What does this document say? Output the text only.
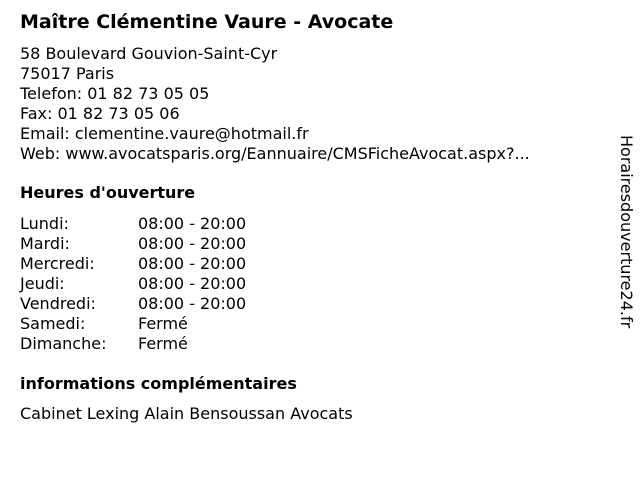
Maître Clémentine Vaure - Avocate
58 Boulevard Gouvion-Saint-Cyr
75017 Paris
Telefon: 01 82 73 05 05
Fax: 01 82 73 05 06
Email: clementine.vaure@hotmail.fr
Web: www.avocatsparis.org/Eannuaire/CMSFicheAvocat.aspx?...
Heures d'ouverture
Lundi:	08:00 - 20:00
Mardi:	08:00 - 20:00
Mercredi:	08:00 - 20:00
Jeudi:	08:00 - 20:00
Vendredi:	08:00 - 20:00
Samedi:	Fermé
Dimanche: Fermé
informations complémentaires
Cabinet Lexing Alain Bensoussan Avocats
Horairesdouverture24.fr
